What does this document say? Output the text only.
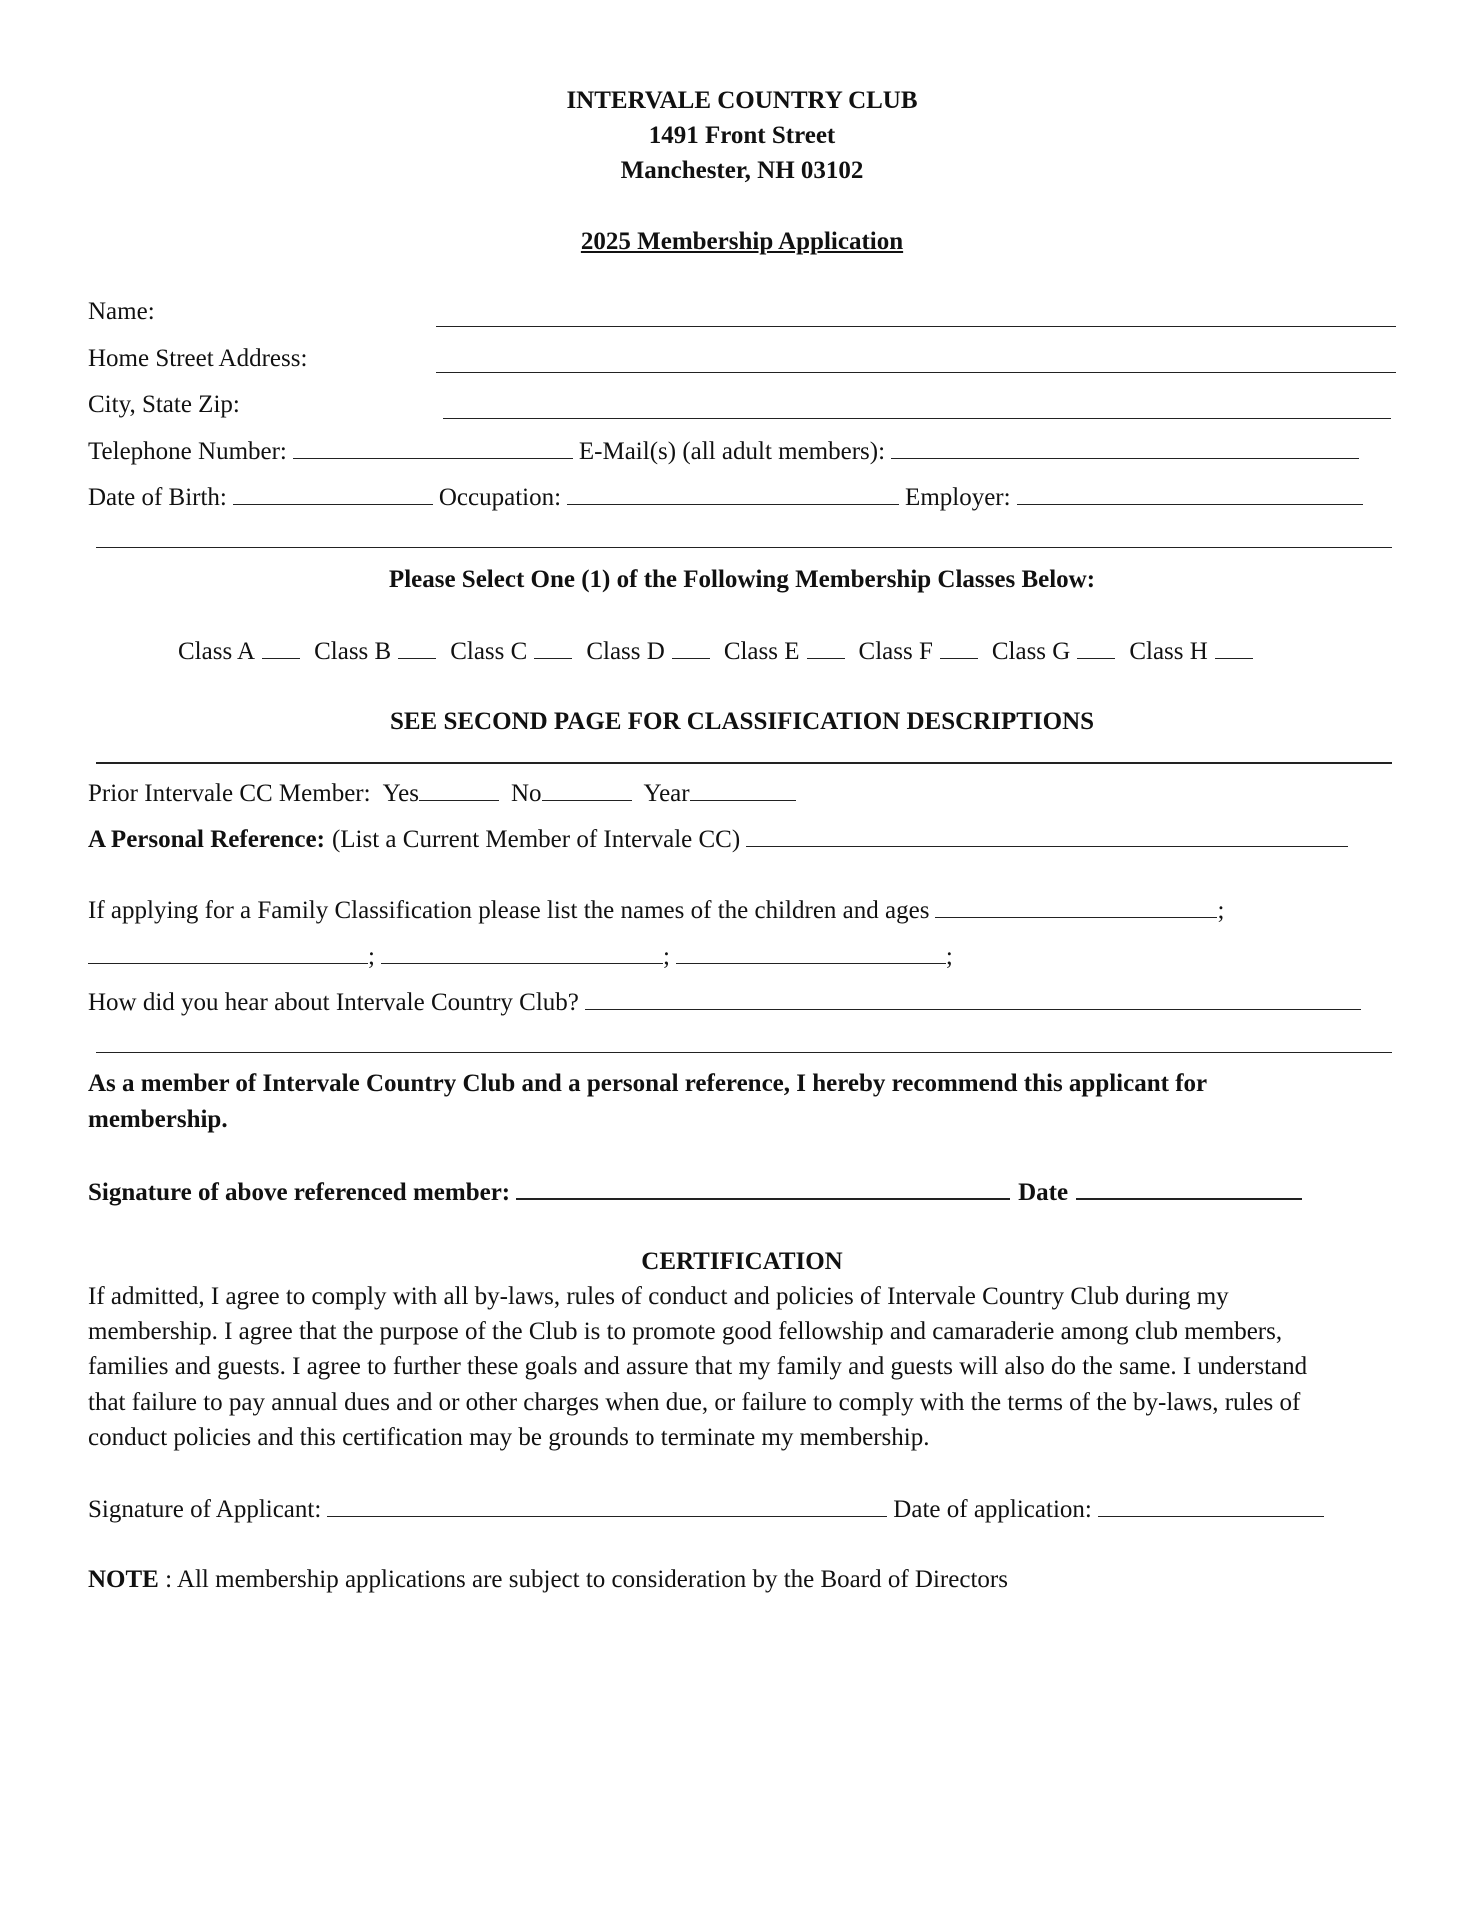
INTERVALE COUNTRY CLUB
1491 Front Street
Manchester, NH 03102
2025 Membership Application
Name:
Home Street Address:
City, State Zip:
Telephone Number:	E-Mail(s) (all adult members):
Date of Birth:	Occupation:	Employer:
Please Select One (1) of the Following Membership Classes Below:
Class A Class B Class C Class D Class E Class F Class G Class H
SEE SECOND PAGE FOR CLASSIFICATION DESCRIPTIONS
Prior Intervale CC Member: Yes	No	Year
A Personal Reference: (List a Current Member of Intervale CC)
If applying for a Family Classification please list the names of the children and ages	;
;	;	;
How did you hear about Intervale Country Club?
As a member of Intervale Country Club and a personal reference, I hereby recommend this applicant for
membership.
Signature of above referenced member:	Date
CERTIFICATION
If admitted, I agree to comply with all by-laws, rules of conduct and policies of Intervale Country Club during my
membership. I agree that the purpose of the Club is to promote good fellowship and camaraderie among club members,
families and guests. I agree to further these goals and assure that my family and guests will also do the same. I understand
that failure to pay annual dues and or other charges when due, or failure to comply with the terms of the by-laws, rules of
conduct policies and this certification may be grounds to terminate my membership.
Signature of Applicant:	Date of application:
NOTE : All membership applications are subject to consideration by the Board of Directors
